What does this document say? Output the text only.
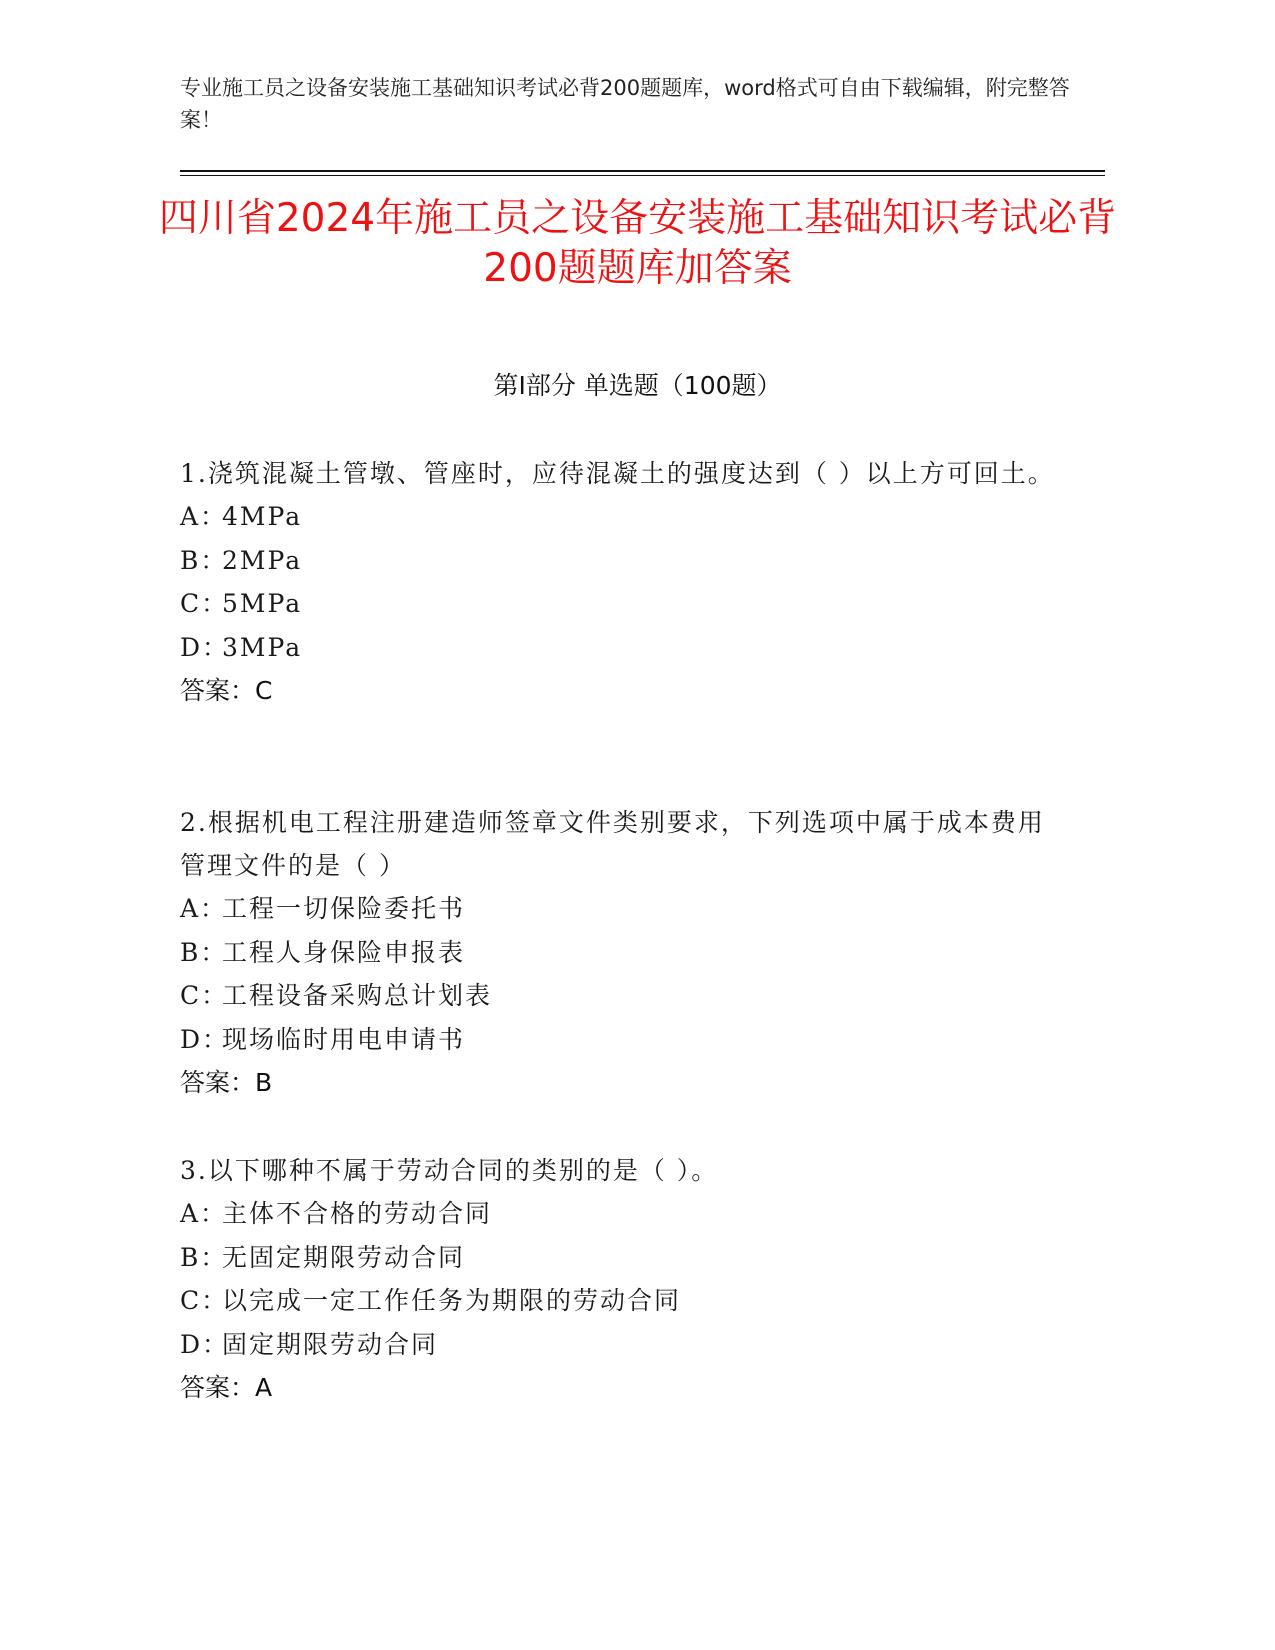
专业施工员之设备安装施工基础知识考试必背200题题库，word格式可自由下载编辑，附完整答案！
四川省2024年施工员之设备安装施工基础知识考试必背200题题库加答案
第I部分 单选题（100题）
1.浇筑混凝土管墩、管座时，应待混凝土的强度达到（ ）以上方可回土。
A：4MPa
B：2MPa
C：5MPa
D：3MPa
答案：C
2.根据机电工程注册建造师签章文件类别要求，下列选项中属于成本费用管理文件的是（ ）
A：工程一切保险委托书
B：工程人身保险申报表
C：工程设备采购总计划表
D：现场临时用电申请书
答案：B
3.以下哪种不属于劳动合同的类别的是（ ）。
A：主体不合格的劳动合同
B：无固定期限劳动合同
C：以完成一定工作任务为期限的劳动合同
D：固定期限劳动合同
答案：A
